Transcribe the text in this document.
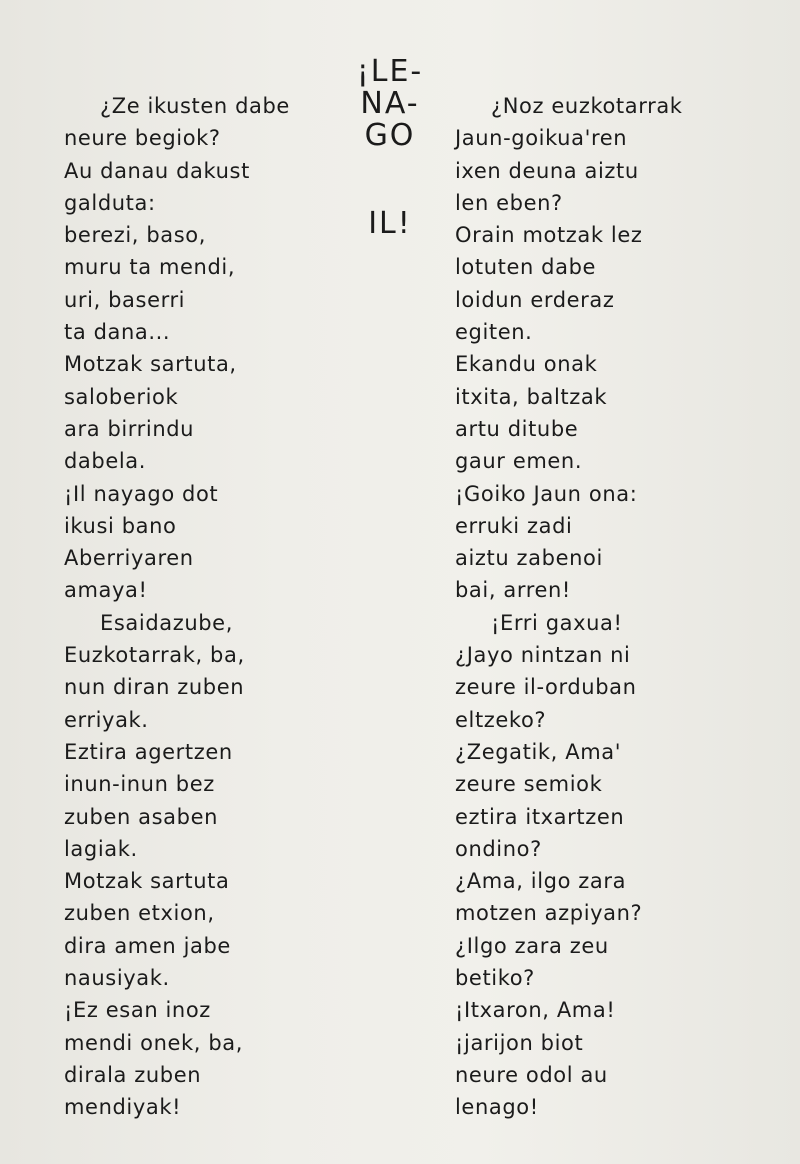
¡LE-
NA-
GO
IL!
¿Ze ikusten dabe
neure begiok?
Au danau dakust
galduta:
berezi, baso,
muru ta mendi,
uri, baserri
ta dana...
Motzak sartuta,
saloberiok
ara birrindu
dabela.
¡Il nayago dot
ikusi bano
Aberriyaren
amaya!
Esaidazube,
Euzkotarrak, ba,
nun diran zuben
erriyak.
Eztira agertzen
inun-inun bez
zuben asaben
lagiak.
Motzak sartuta
zuben etxion,
dira amen jabe
nausiyak.
¡Ez esan inoz
mendi onek, ba,
dirala zuben
mendiyak!
¿Noz euzkotarrak
Jaun-goikua'ren
ixen deuna aiztu
len eben?
Orain motzak lez
lotuten dabe
loidun erderaz
egiten.
Ekandu onak
itxita, baltzak
artu ditube
gaur emen.
¡Goiko Jaun ona:
erruki zadi
aiztu zabenoi
bai, arren!
¡Erri gaxua!
¿Jayo nintzan ni
zeure il-orduban
eltzeko?
¿Zegatik, Ama'
zeure semiok
eztira itxartzen
ondino?
¿Ama, ilgo zara
motzen azpiyan?
¿Ilgo zara zeu
betiko?
¡Itxaron, Ama!
¡jarijon biot
neure odol au
lenago!
